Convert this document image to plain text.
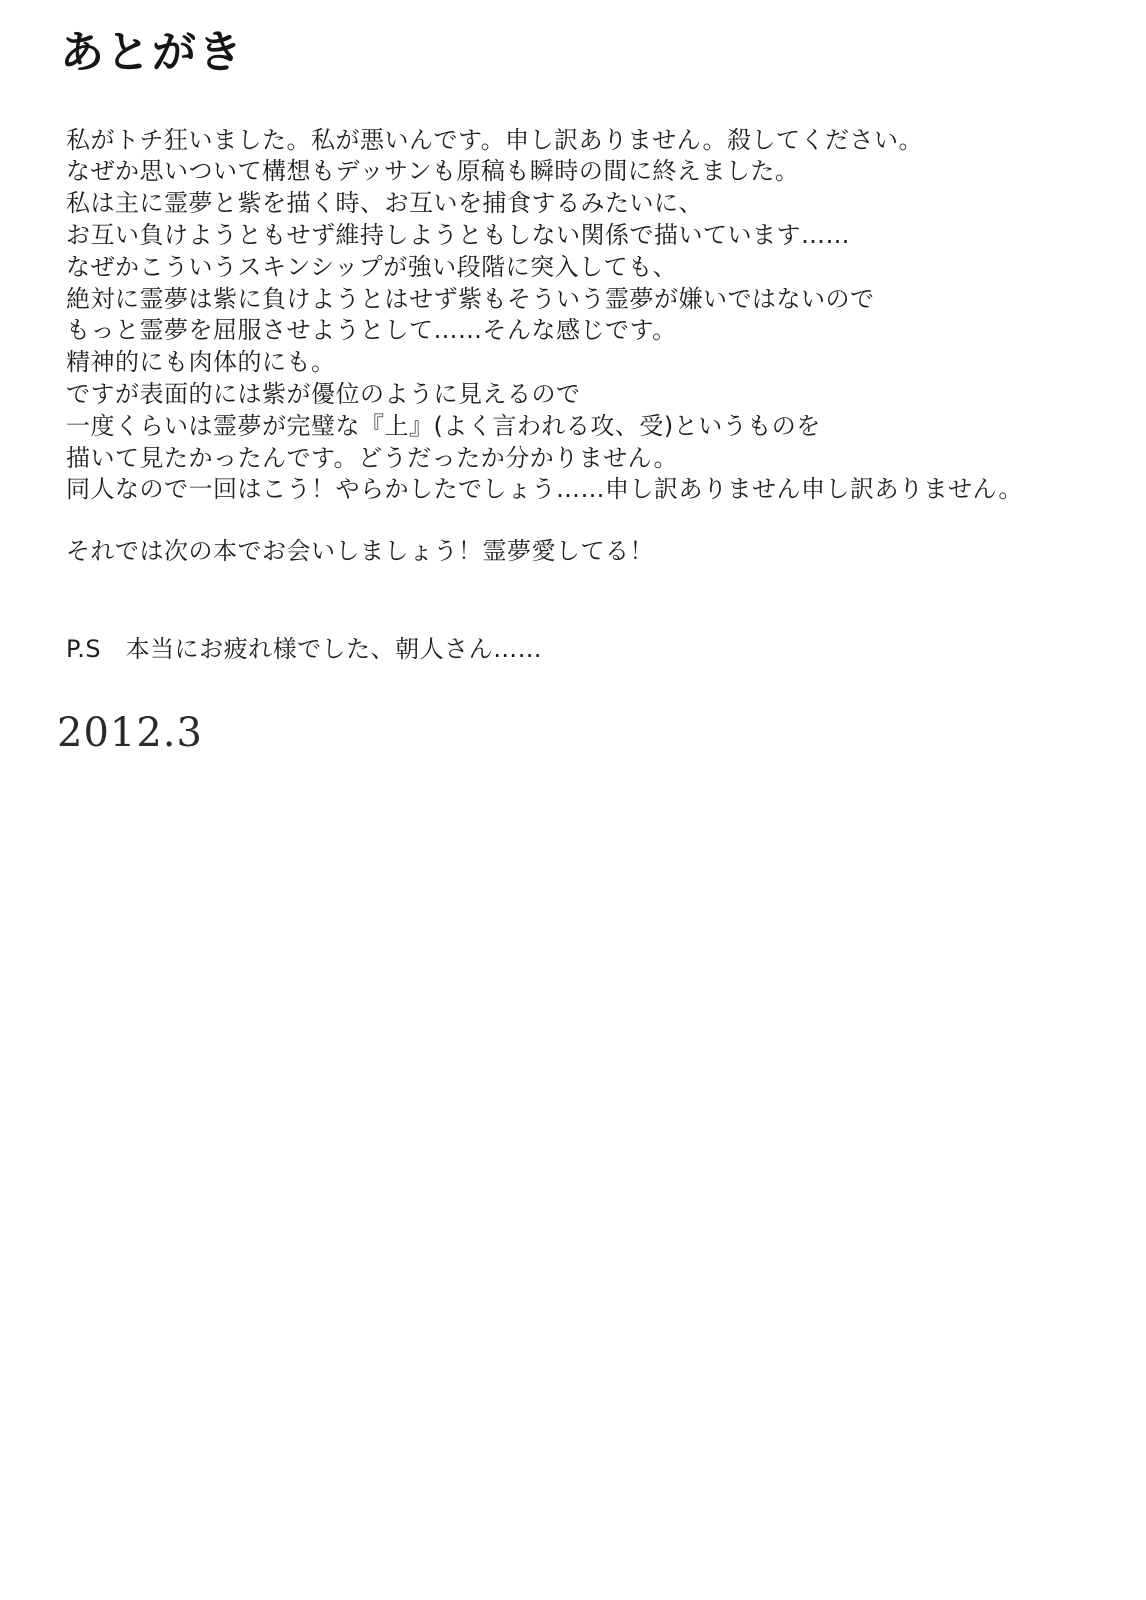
あとがき
私がトチ狂いました。私が悪いんです。申し訳ありません。殺してください。
なぜか思いついて構想もデッサンも原稿も瞬時の間に終えました。
私は主に霊夢と紫を描く時、お互いを捕食するみたいに、
お互い負けようともせず維持しようともしない関係で描いています……
なぜかこういうスキンシップが強い段階に突入しても、
絶対に霊夢は紫に負けようとはせず紫もそういう霊夢が嫌いではないので
もっと霊夢を屈服させようとして……そんな感じです。
精神的にも肉体的にも。
ですが表面的には紫が優位のように見えるので
一度くらいは霊夢が完璧な『上』(よく言われる攻、受)というものを
描いて見たかったんです。どうだったか分かりません。
同人なので一回はこう！やらかしたでしょう……申し訳ありません申し訳ありません。
それでは次の本でお会いしましょう！霊夢愛してる！
P.S　本当にお疲れ様でした、朝人さん……
2012.3
